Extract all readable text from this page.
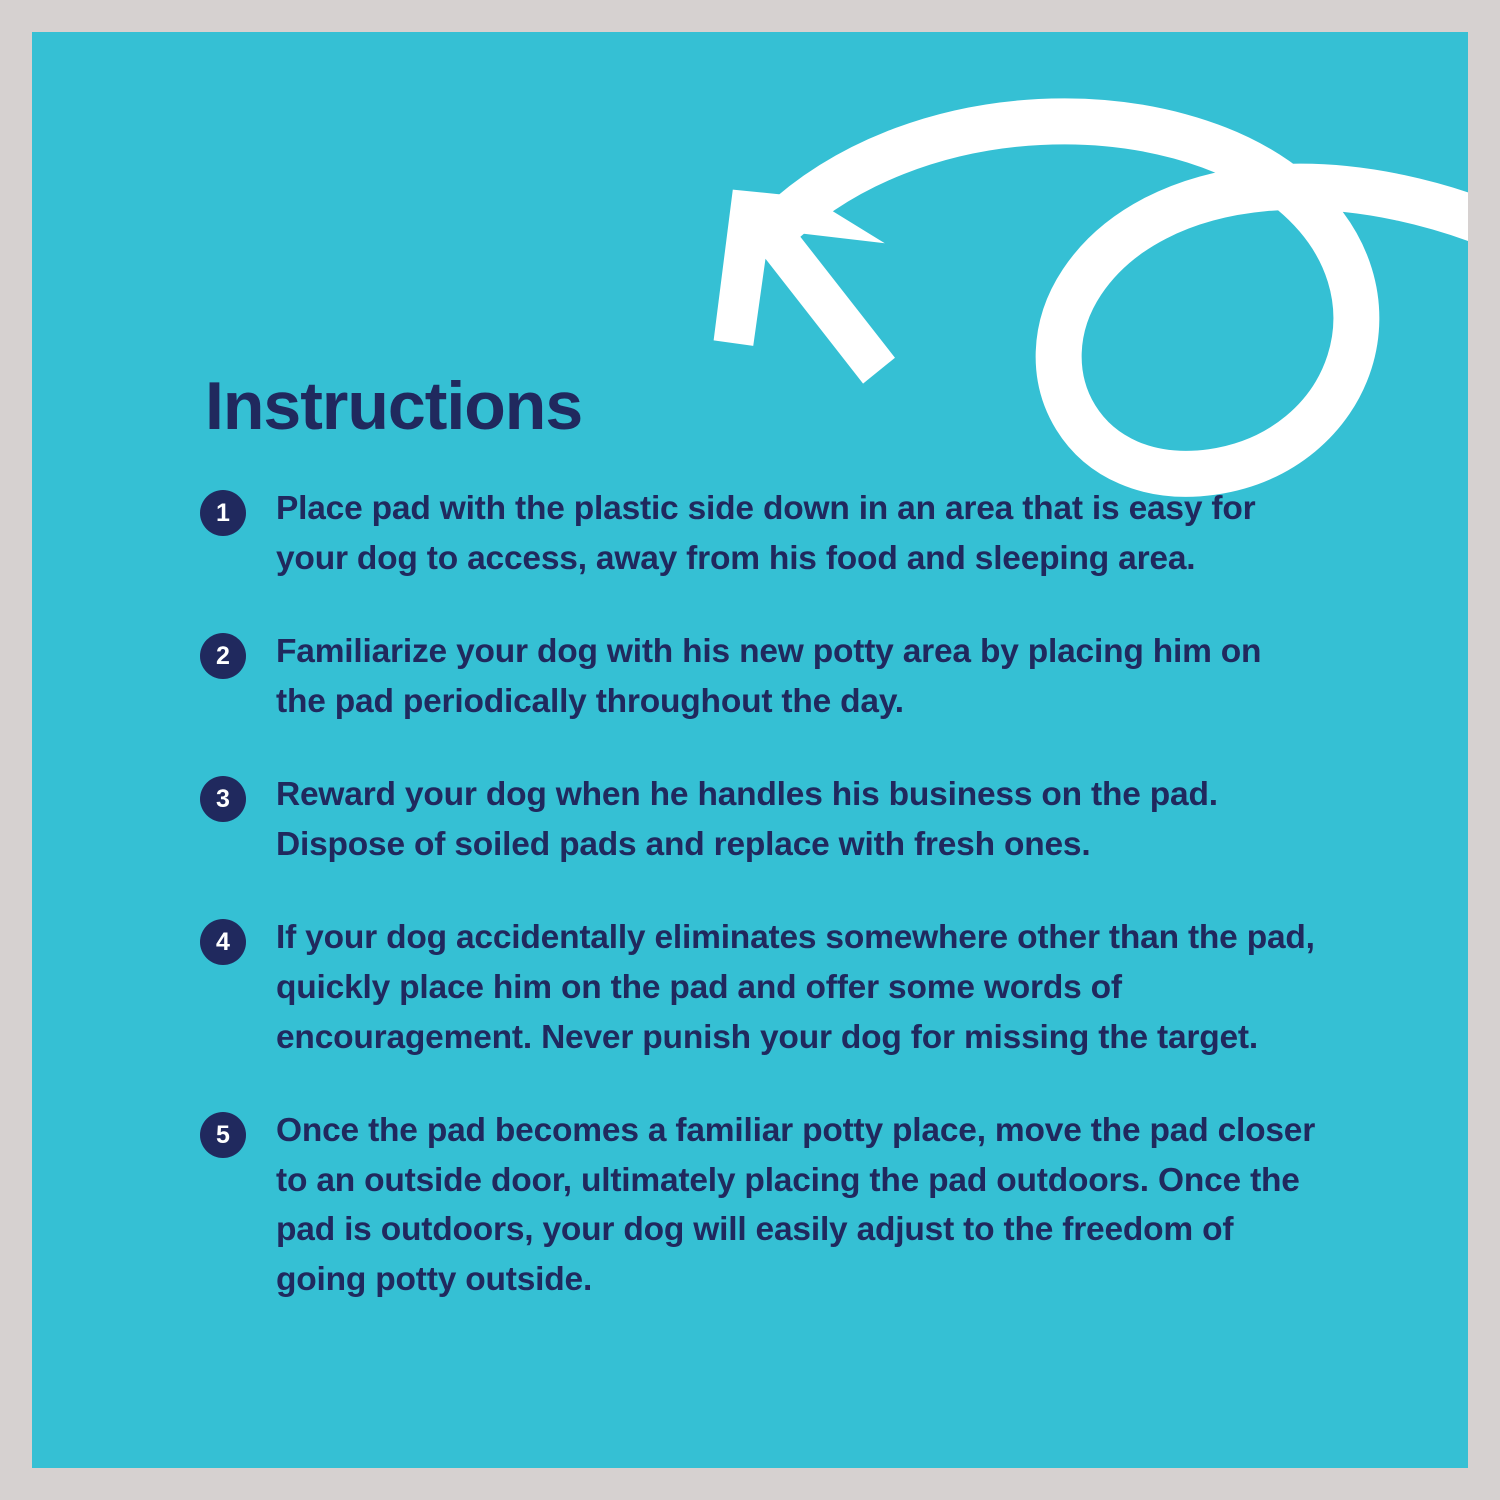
Instructions
1	Place pad with the plastic side down in an area that is easy for your dog to access, away from his food and sleeping area.
2	Familiarize your dog with his new potty area by placing him on the pad periodically throughout the day.
3	Reward your dog when he handles his business on the pad. Dispose of soiled pads and replace with fresh ones.
4	If your dog accidentally eliminates somewhere other than the pad, quickly place him on the pad and offer some words of encouragement. Never punish your dog for missing the target.
5	Once the pad becomes a familiar potty place, move the pad closer to an outside door, ultimately placing the pad outdoors. Once the pad is outdoors, your dog will easily adjust to the freedom of going potty outside.
